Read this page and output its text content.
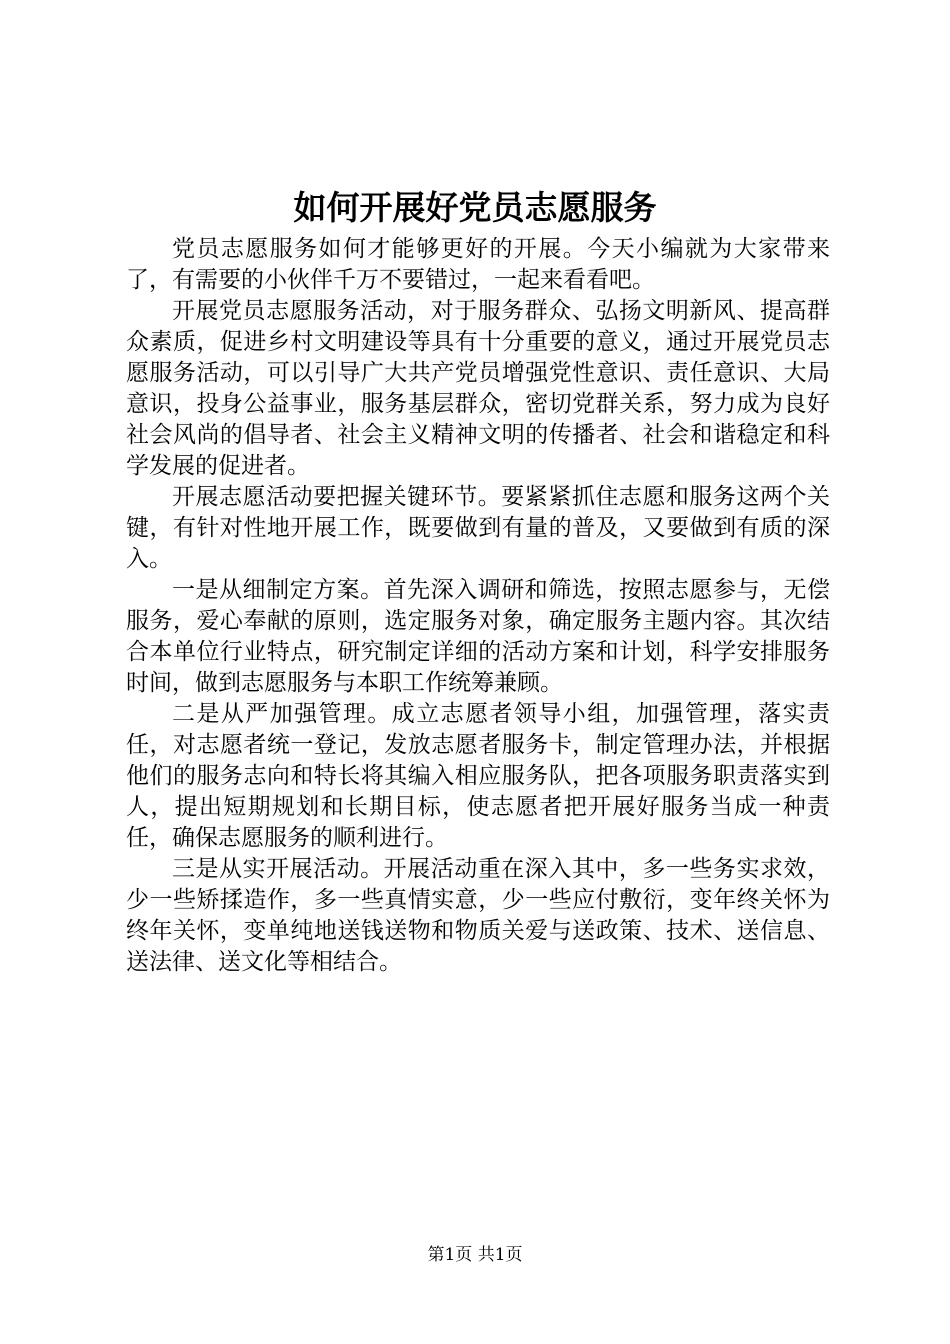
如何开展好党员志愿服务

党员志愿服务如何才能够更好的开展。今天小编就为大家带来了，有需要的小伙伴千万不要错过，一起来看看吧。

开展党员志愿服务活动，对于服务群众、弘扬文明新风、提高群众素质，促进乡村文明建设等具有十分重要的意义，通过开展党员志愿服务活动，可以引导广大共产党员增强党性意识、责任意识、大局意识，投身公益事业，服务基层群众，密切党群关系，努力成为良好社会风尚的倡导者、社会主义精神文明的传播者、社会和谐稳定和科学发展的促进者。

开展志愿活动要把握关键环节。要紧紧抓住志愿和服务这两个关键，有针对性地开展工作，既要做到有量的普及，又要做到有质的深入。

一是从细制定方案。首先深入调研和筛选，按照志愿参与，无偿服务，爱心奉献的原则，选定服务对象，确定服务主题内容。其次结合本单位行业特点，研究制定详细的活动方案和计划，科学安排服务时间，做到志愿服务与本职工作统筹兼顾。

二是从严加强管理。成立志愿者领导小组，加强管理，落实责任，对志愿者统一登记，发放志愿者服务卡，制定管理办法，并根据他们的服务志向和特长将其编入相应服务队，把各项服务职责落实到人，提出短期规划和长期目标，使志愿者把开展好服务当成一种责任，确保志愿服务的顺利进行。

三是从实开展活动。开展活动重在深入其中，多一些务实求效，少一些矫揉造作，多一些真情实意，少一些应付敷衍，变年终关怀为终年关怀，变单纯地送钱送物和物质关爱与送政策、技术、送信息、送法律、送文化等相结合。

第1页 共1页
